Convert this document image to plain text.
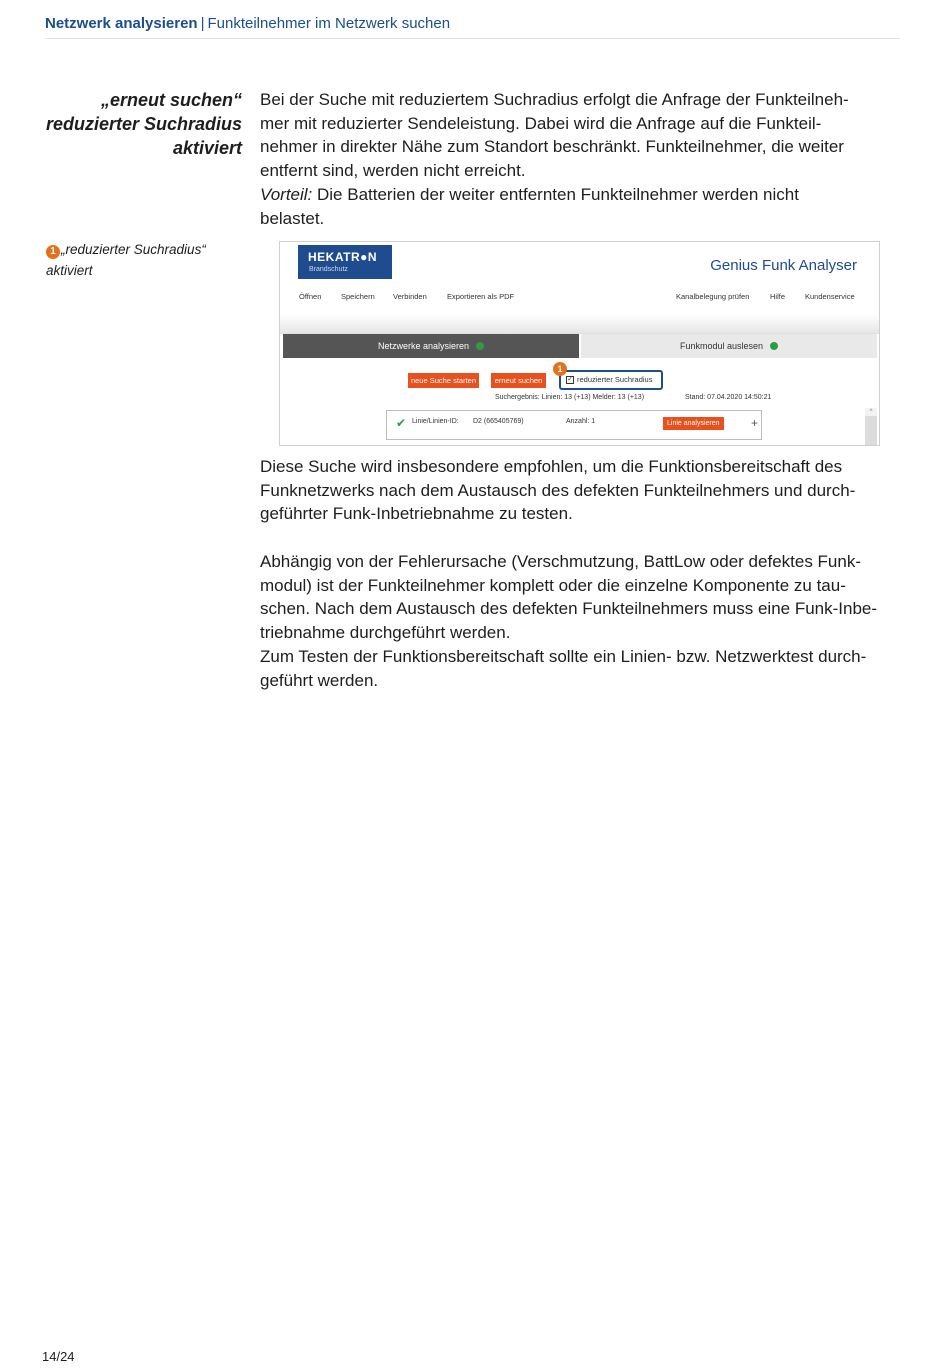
Netzwerk analysieren | Funkteilnehmer im Netzwerk suchen
„erneut suchen“
reduzierter Suchradius
aktiviert
1 „reduzierter Suchradius“
aktiviert

Bei der Suche mit reduziertem Suchradius erfolgt die Anfrage der Funkteilneh-

mer mit reduzierter Sendeleistung. Dabei wird die Anfrage auf die Funkteil-

nehmer in direkter Nähe zum Standort beschränkt. Funkteilnehmer, die weiter

entfernt sind, werden nicht erreicht.

Vorteil: Die Batterien der weiter entfernten Funkteilnehmer werden nicht

belastet.

HEKATR●N
Brandschutz	Genius Funk Analyser
Öffnen	Speichern Verbinden	Exportieren als PDF	Kanalbelegung prüfen	Hilfe	Kundenservice
Netzwerke analysieren	Funkmodul auslesen
neue Suche starten	erneut suchen	✓ reduzierter Suchradius
1
Suchergebnis: Linien: 13 (+13) Melder: 13 (+13)	Stand: 07.04.2020 14:50:21
✔ Linie/Linien-ID: D2 (665405769)	Anzahl: 1	Linie analysieren	+
^

Diese Suche wird insbesondere empfohlen, um die Funktionsbereitschaft des

Funknetzwerks nach dem Austausch des defekten Funkteilnehmers und durch-

geführter Funk-Inbetriebnahme zu testen.

Abhängig von der Fehlerursache (Verschmutzung, BattLow oder defektes Funk-

modul) ist der Funkteilnehmer komplett oder die einzelne Komponente zu tau-

schen. Nach dem Austausch des defekten Funkteilnehmers muss eine Funk-Inbe-

triebnahme durchgeführt werden.

Zum Testen der Funktionsbereitschaft sollte ein Linien- bzw. Netzwerktest durch-

geführt werden.

14/24
